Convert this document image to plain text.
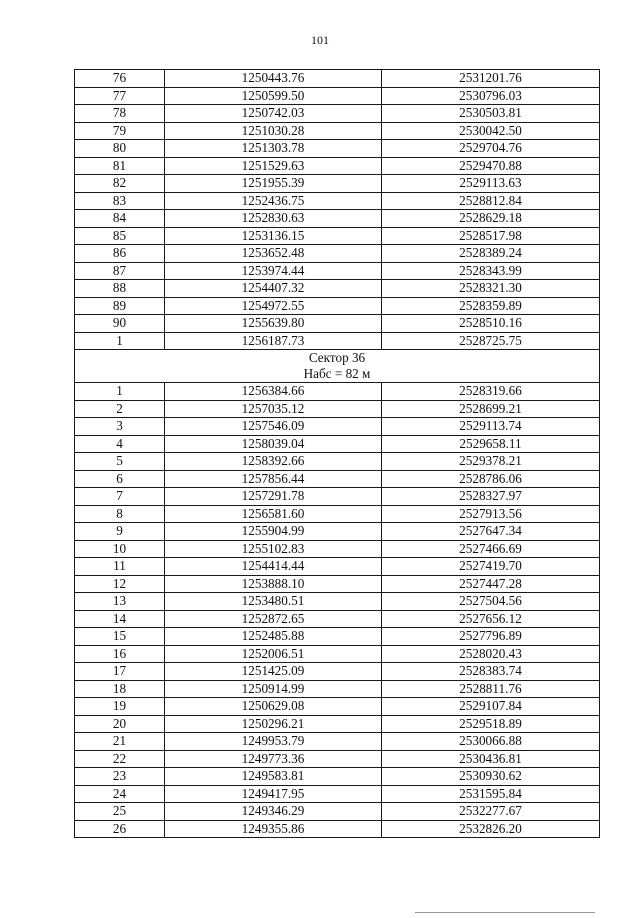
101
76	1250443.76	2531201.76
77	1250599.50	2530796.03
78	1250742.03	2530503.81
79	1251030.28	2530042.50
80	1251303.78	2529704.76
81	1251529.63	2529470.88
82	1251955.39	2529113.63
83	1252436.75	2528812.84
84	1252830.63	2528629.18
85	1253136.15	2528517.98
86	1253652.48	2528389.24
87	1253974.44	2528343.99
88	1254407.32	2528321.30
89	1254972.55	2528359.89
90	1255639.80	2528510.16
1	1256187.73	2528725.75

Сектор 36
Набс = 82 м		

1	1256384.66	2528319.66
2	1257035.12	2528699.21
3	1257546.09	2529113.74
4	1258039.04	2529658.11
5	1258392.66	2529378.21
6	1257856.44	2528786.06
7	1257291.78	2528327.97
8	1256581.60	2527913.56
9	1255904.99	2527647.34
10	1255102.83	2527466.69
11	1254414.44	2527419.70
12	1253888.10	2527447.28
13	1253480.51	2527504.56
14	1252872.65	2527656.12
15	1252485.88	2527796.89
16	1252006.51	2528020.43
17	1251425.09	2528383.74
18	1250914.99	2528811.76
19	1250629.08	2529107.84
20	1250296.21	2529518.89
21	1249953.79	2530066.88
22	1249773.36	2530436.81
23	1249583.81	2530930.62
24	1249417.95	2531595.84
25	1249346.29	2532277.67
26	1249355.86	2532826.20
